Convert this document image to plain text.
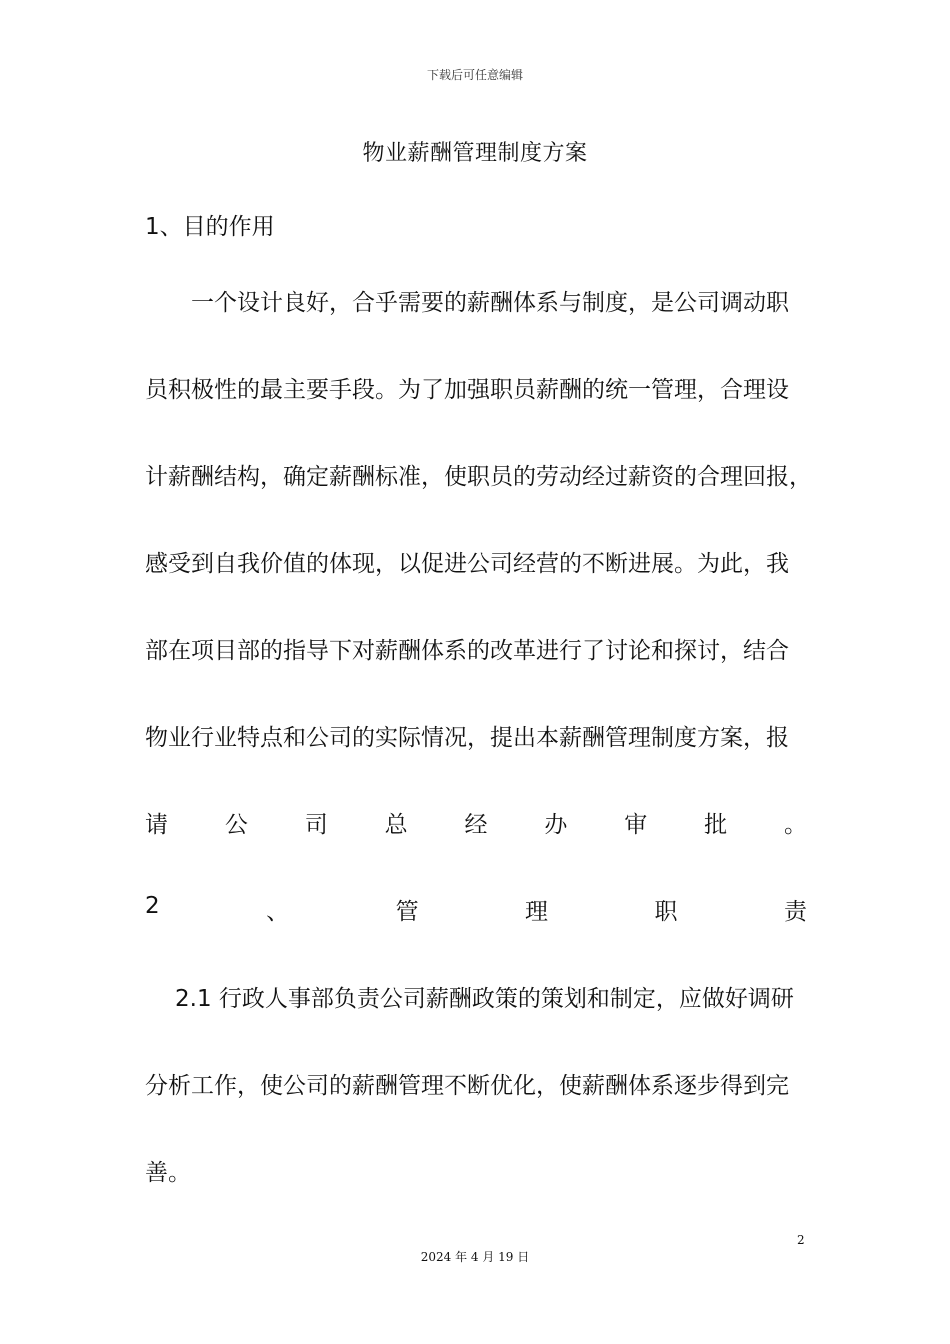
下载后可任意编辑
物业薪酬管理制度方案
1、目的作用
一个设计良好，合乎需要的薪酬体系与制度，是公司调动职
员积极性的最主要手段。为了加强职员薪酬的统一管理，合理设
计薪酬结构，确定薪酬标准，使职员的劳动经过薪资的合理回报，
感受到自我价值的体现，以促进公司经营的不断进展。为此，我
部在项目部的指导下对薪酬体系的改革进行了讨论和探讨，结合
物业行业特点和公司的实际情况，提出本薪酬管理制度方案，报
请 公 司 总 经 办 审 批 。
2	、	管	理	职	责
2.1 行政人事部负责公司薪酬政策的策划和制定，应做好调研
分析工作，使公司的薪酬管理不断优化，使薪酬体系逐步得到完
善。
2
2024 年 4 月 19 日
